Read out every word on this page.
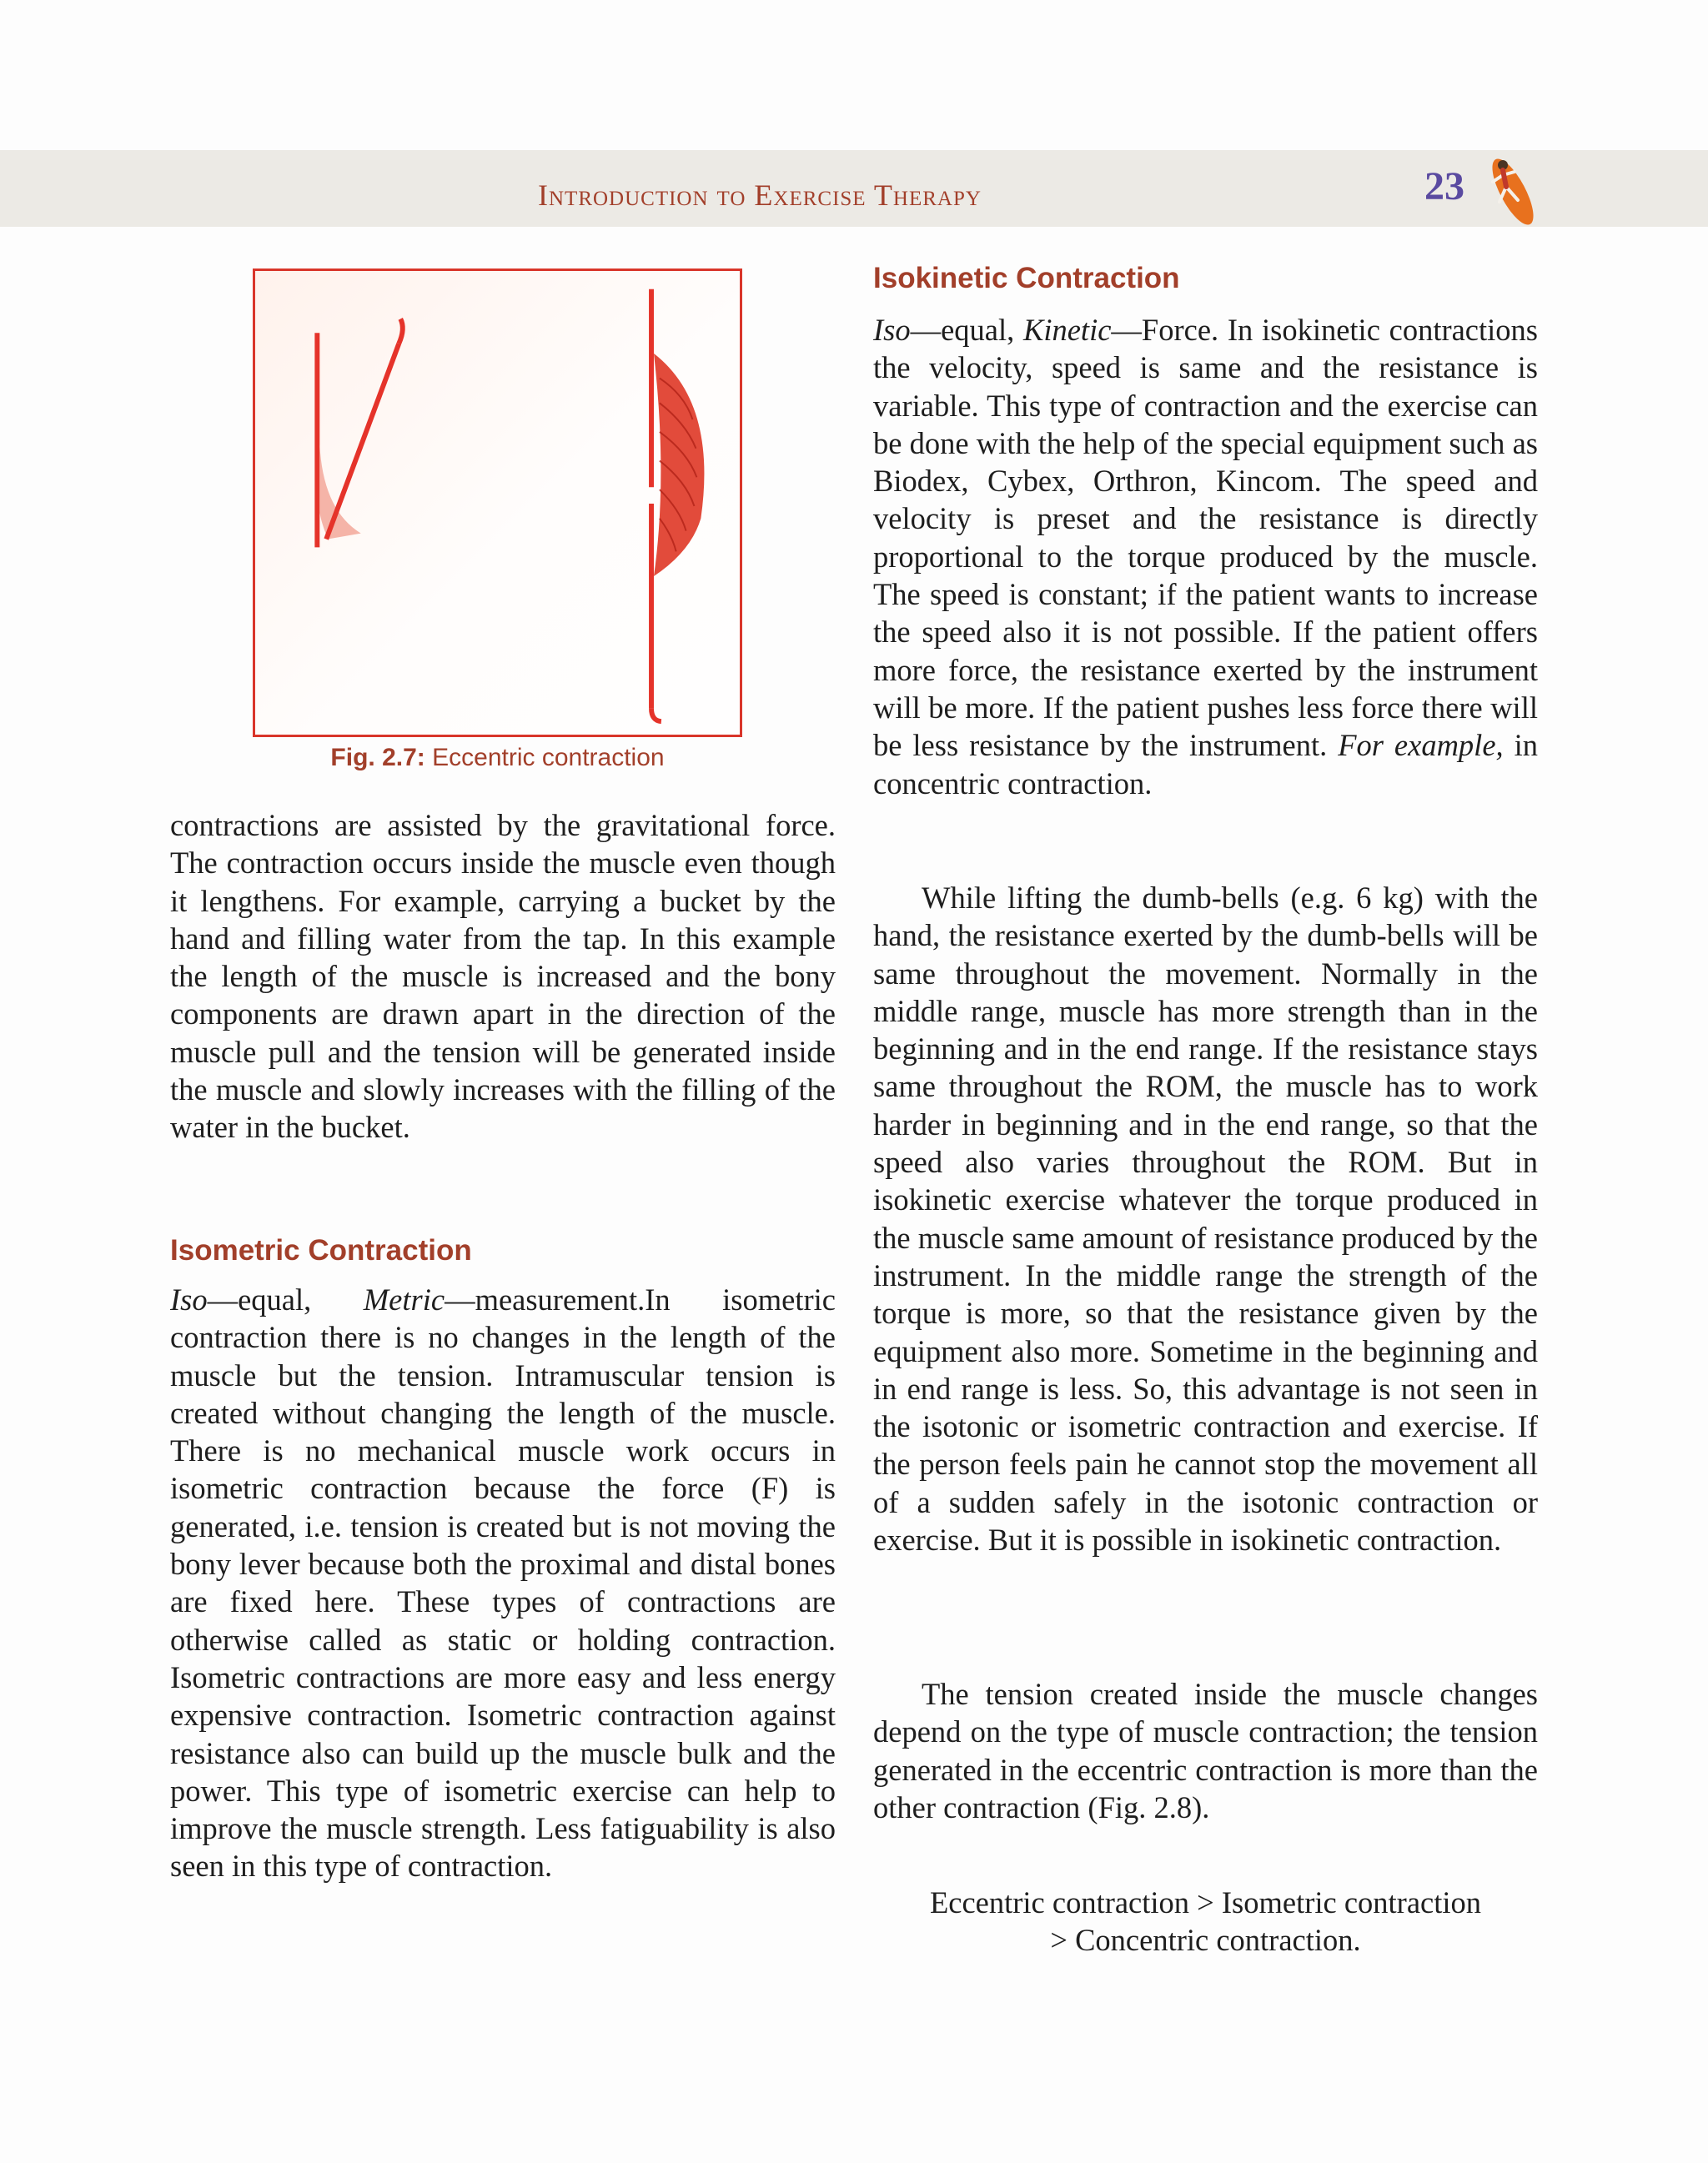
Introduction to Exercise Therapy	23
Fig. 2.7: Eccentric contraction

contractions are assisted by the gravitational force. The contraction occurs inside the muscle even though it lengthens. For example, carrying a bucket by the hand and filling water from the tap. In this example the length of the muscle is increased and the bony components are drawn apart in the direction of the muscle pull and the tension will be generated inside the muscle and slowly increases with the filling of the water in the bucket.

Isometric Contraction

Iso—equal, Metric—measurement.In isometric contraction there is no changes in the length of the muscle but the tension. Intramuscular tension is created without changing the length of the muscle. There is no mechanical muscle work occurs in isometric contraction because the force (F) is generated, i.e. tension is created but is not moving the bony lever because both the proximal and distal bones are fixed here. These types of contractions are otherwise called as static or holding contraction. Isometric contractions are more easy and less energy expensive contraction. Isometric contraction against resistance also can build up the muscle bulk and the power. This type of isometric exercise can help to improve the muscle strength. Less fatiguability is also seen in this type of contraction.

Isokinetic Contraction

Iso—equal, Kinetic—Force. In isokinetic contractions the velocity, speed is same and the resistance is variable. This type of contraction and the exercise can be done with the help of the special equipment such as Biodex, Cybex, Orthron, Kincom. The speed and velocity is preset and the resistance is directly proportional to the torque produced by the muscle. The speed is constant; if the patient wants to increase the speed also it is not possible. If the patient offers more force, the resistance exerted by the instrument will be more. If the patient pushes less force there will be less resistance by the instrument. For example, in concentric contraction.

While lifting the dumb-bells (e.g. 6 kg) with the hand, the resistance exerted by the dumb-bells will be same throughout the movement. Normally in the middle range, muscle has more strength than in the beginning and in the end range. If the resistance stays same throughout the ROM, the muscle has to work harder in beginning and in the end range, so that the speed also varies throughout the ROM. But in isokinetic exercise whatever the torque produced in the muscle same amount of resistance produced by the instrument. In the middle range the strength of the torque is more, so that the resistance given by the equipment also more. Sometime in the beginning and in end range is less. So, this advantage is not seen in the isotonic or isometric contraction and exercise. If the person feels pain he cannot stop the movement all of a sudden safely in the isotonic contraction or exercise. But it is possible in isokinetic contraction.

The tension created inside the muscle changes depend on the type of muscle contraction; the tension generated in the eccentric contraction is more than the other contraction (Fig. 2.8).

Eccentric contraction > Isometric contraction

> Concentric contraction.
